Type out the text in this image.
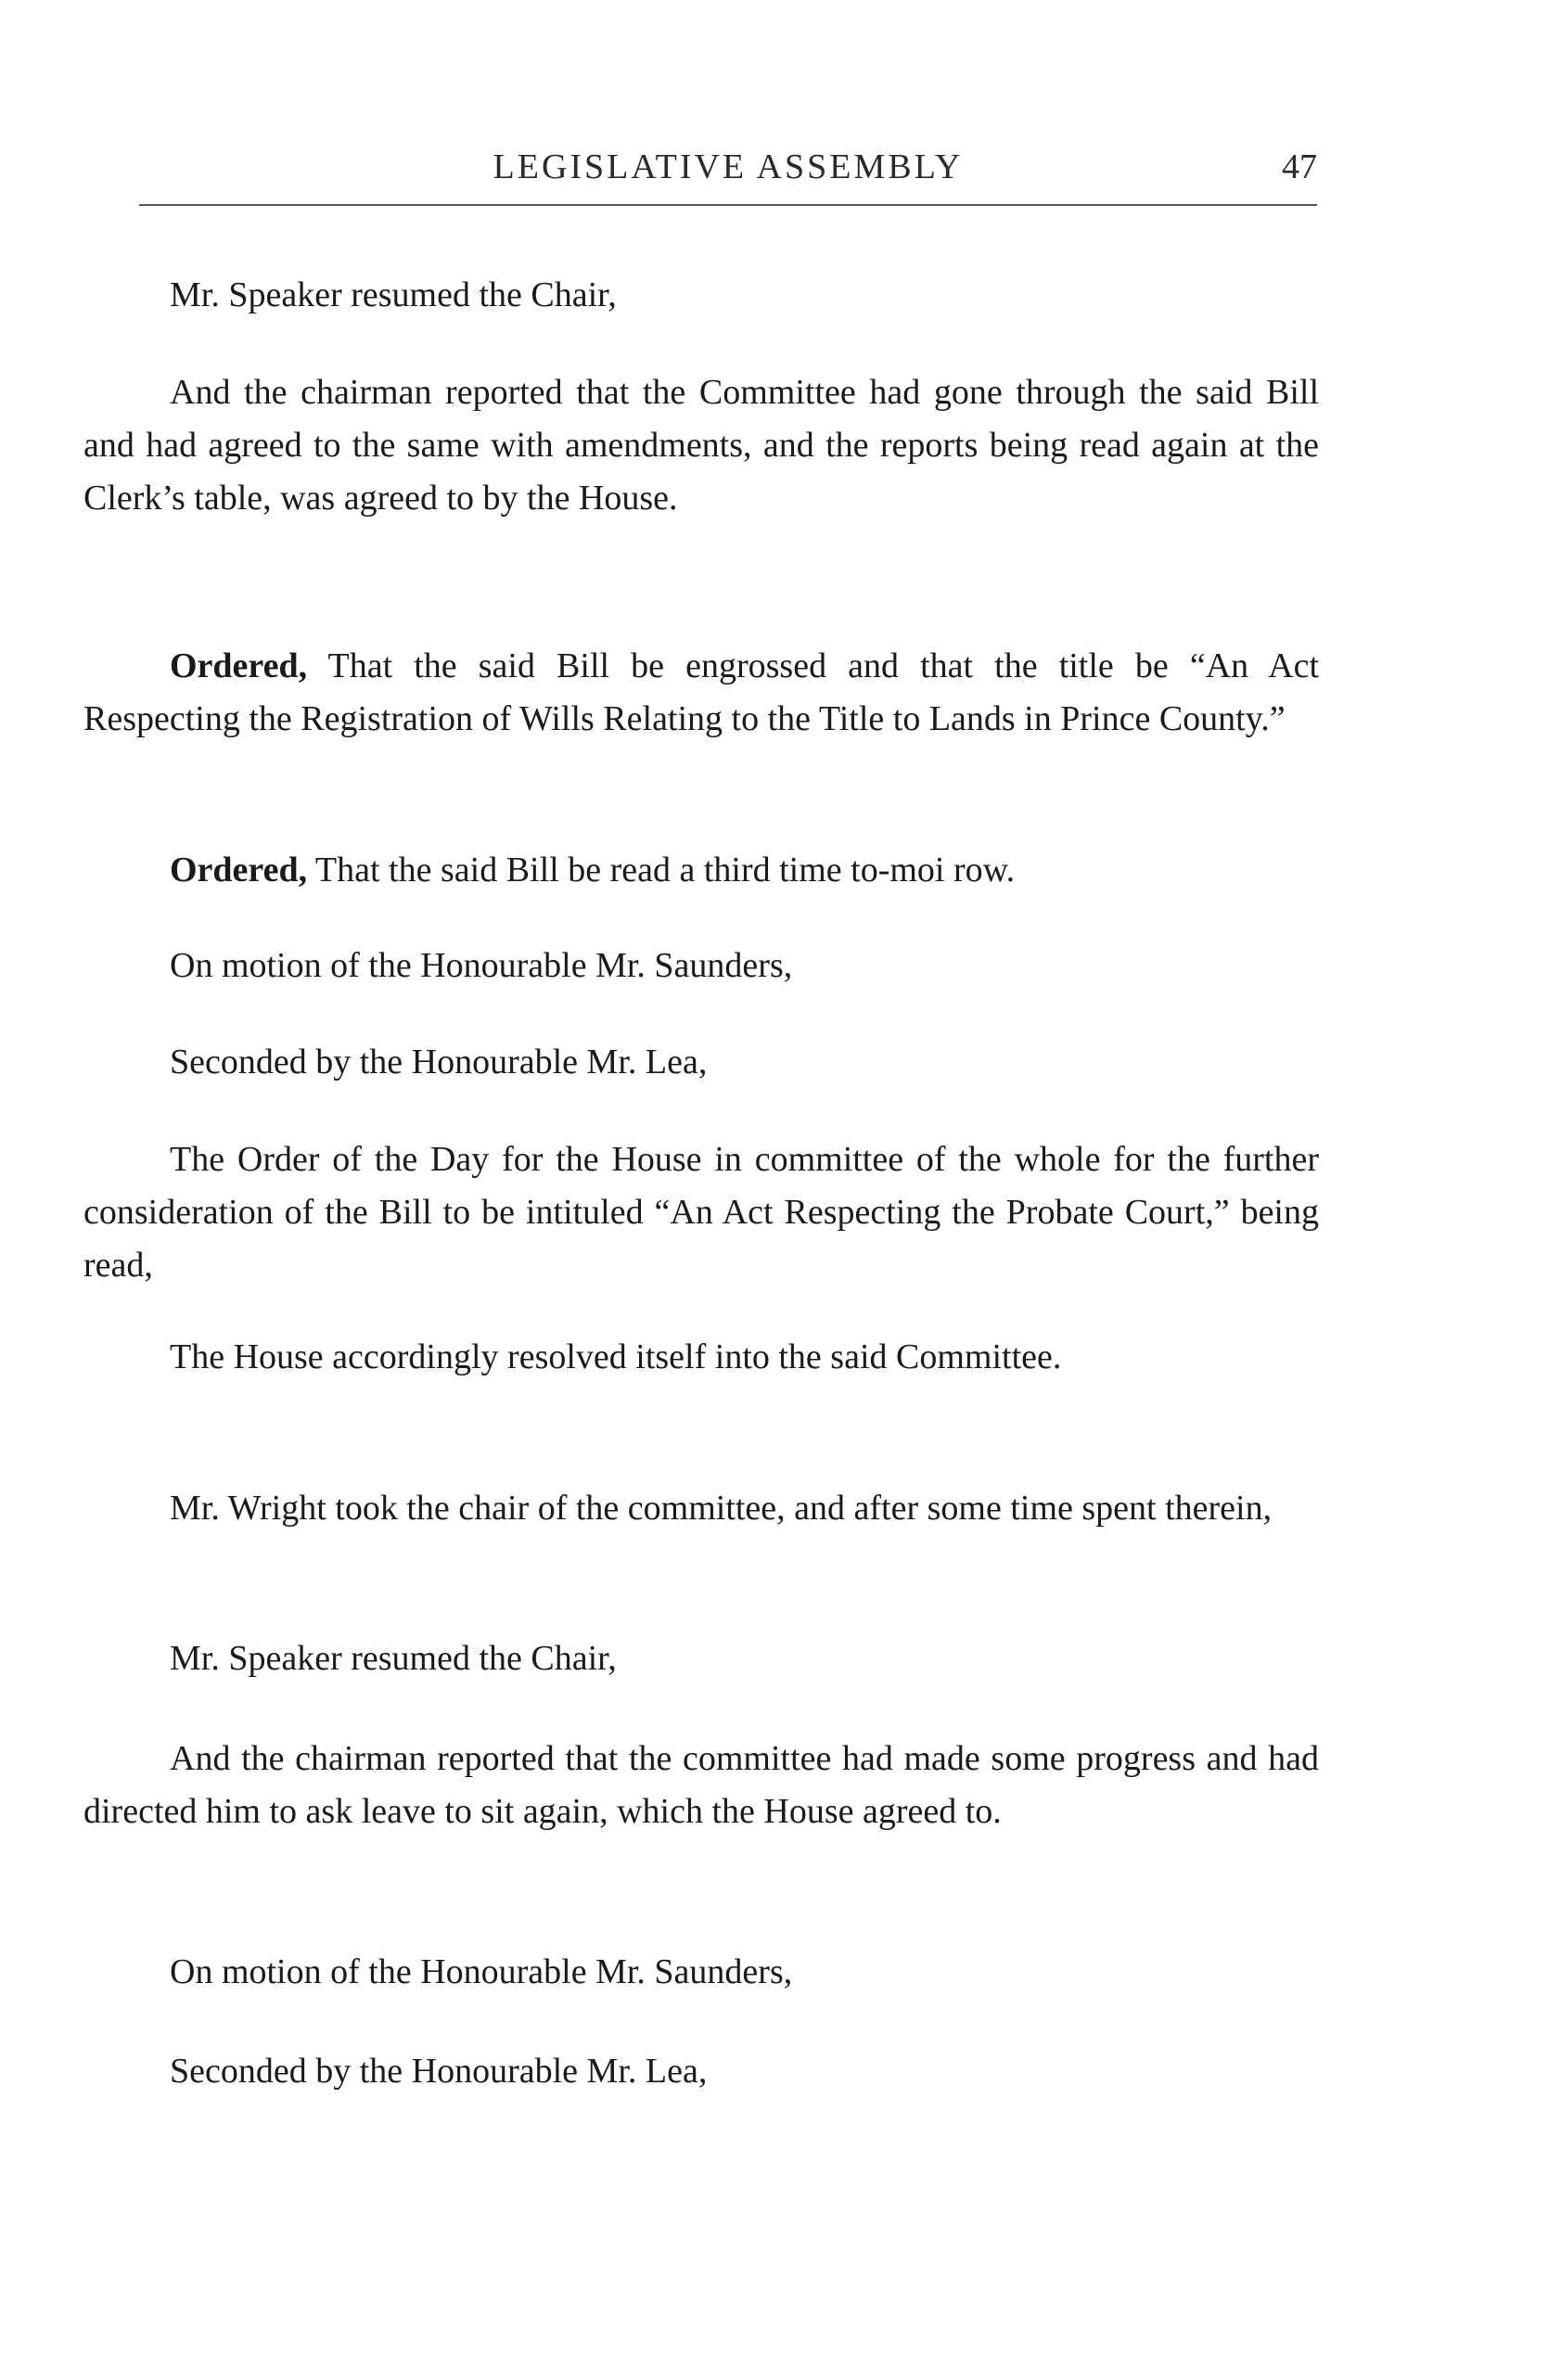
LEGISLATIVE ASSEMBLY	47

Mr. Speaker resumed the Chair,

And the chairman reported that the Committee had gone through the said Bill and had agreed to the same with amendments, and the reports being read again at the Clerk’s table, was agreed to by the House.

Ordered, That the said Bill be engrossed and that the title be “An Act Respecting the Registration of Wills Relating to the Title to Lands in Prince County.”

Ordered, That the said Bill be read a third time to-moi row.

On motion of the Honourable Mr. Saunders,

Seconded by the Honourable Mr. Lea,

The Order of the Day for the House in committee of the whole for the further consideration of the Bill to be intituled “An Act Respecting the Probate Court,” being read,

The House accordingly resolved itself into the said Committee.

Mr. Wright took the chair of the committee, and after some time spent therein,

Mr. Speaker resumed the Chair,

And the chairman reported that the committee had made some progress and had directed him to ask leave to sit again, which the House agreed to.

On motion of the Honourable Mr. Saunders,

Seconded by the Honourable Mr. Lea,
